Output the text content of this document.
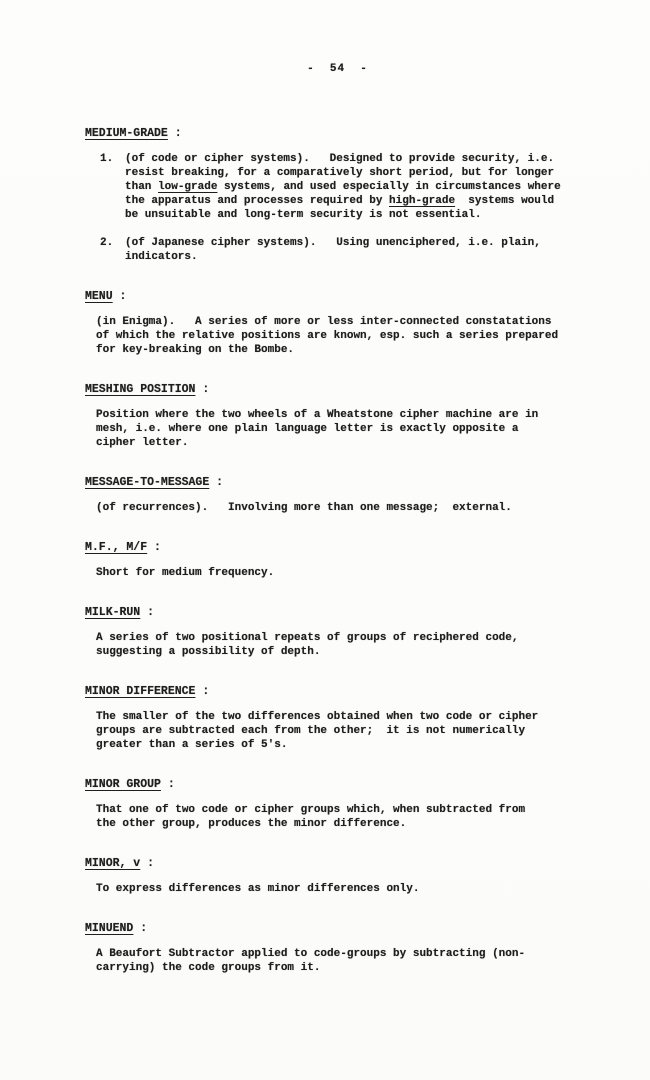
-  54  -
MEDIUM-GRADE :
1.	(of code or cipher systems).   Designed to provide security, i.e.
resist breaking, for a comparatively short period, but for longer
than low-grade systems, and used especially in circumstances where
the apparatus and processes required by high-grade  systems would
be unsuitable and long-term security is not essential.
2.	(of Japanese cipher systems).   Using unenciphered, i.e. plain,
indicators.
MENU :
(in Enigma).   A series of more or less inter-connected constatations
of which the relative positions are known, esp. such a series prepared
for key-breaking on the Bombe.
MESHING POSITION :
Position where the two wheels of a Wheatstone cipher machine are in
mesh, i.e. where one plain language letter is exactly opposite a
cipher letter.
MESSAGE-TO-MESSAGE :
(of recurrences).   Involving more than one message;  external.
M.F., M/F :
Short for medium frequency.
MILK-RUN :
A series of two positional repeats of groups of reciphered code,
suggesting a possibility of depth.
MINOR DIFFERENCE :
The smaller of the two differences obtained when two code or cipher
groups are subtracted each from the other;  it is not numerically
greater than a series of 5's.
MINOR GROUP :
That one of two code or cipher groups which, when subtracted from
the other group, produces the minor difference.
MINOR, v :
To express differences as minor differences only.
MINUEND :
A Beaufort Subtractor applied to code-groups by subtracting (non-
carrying) the code groups from it.
